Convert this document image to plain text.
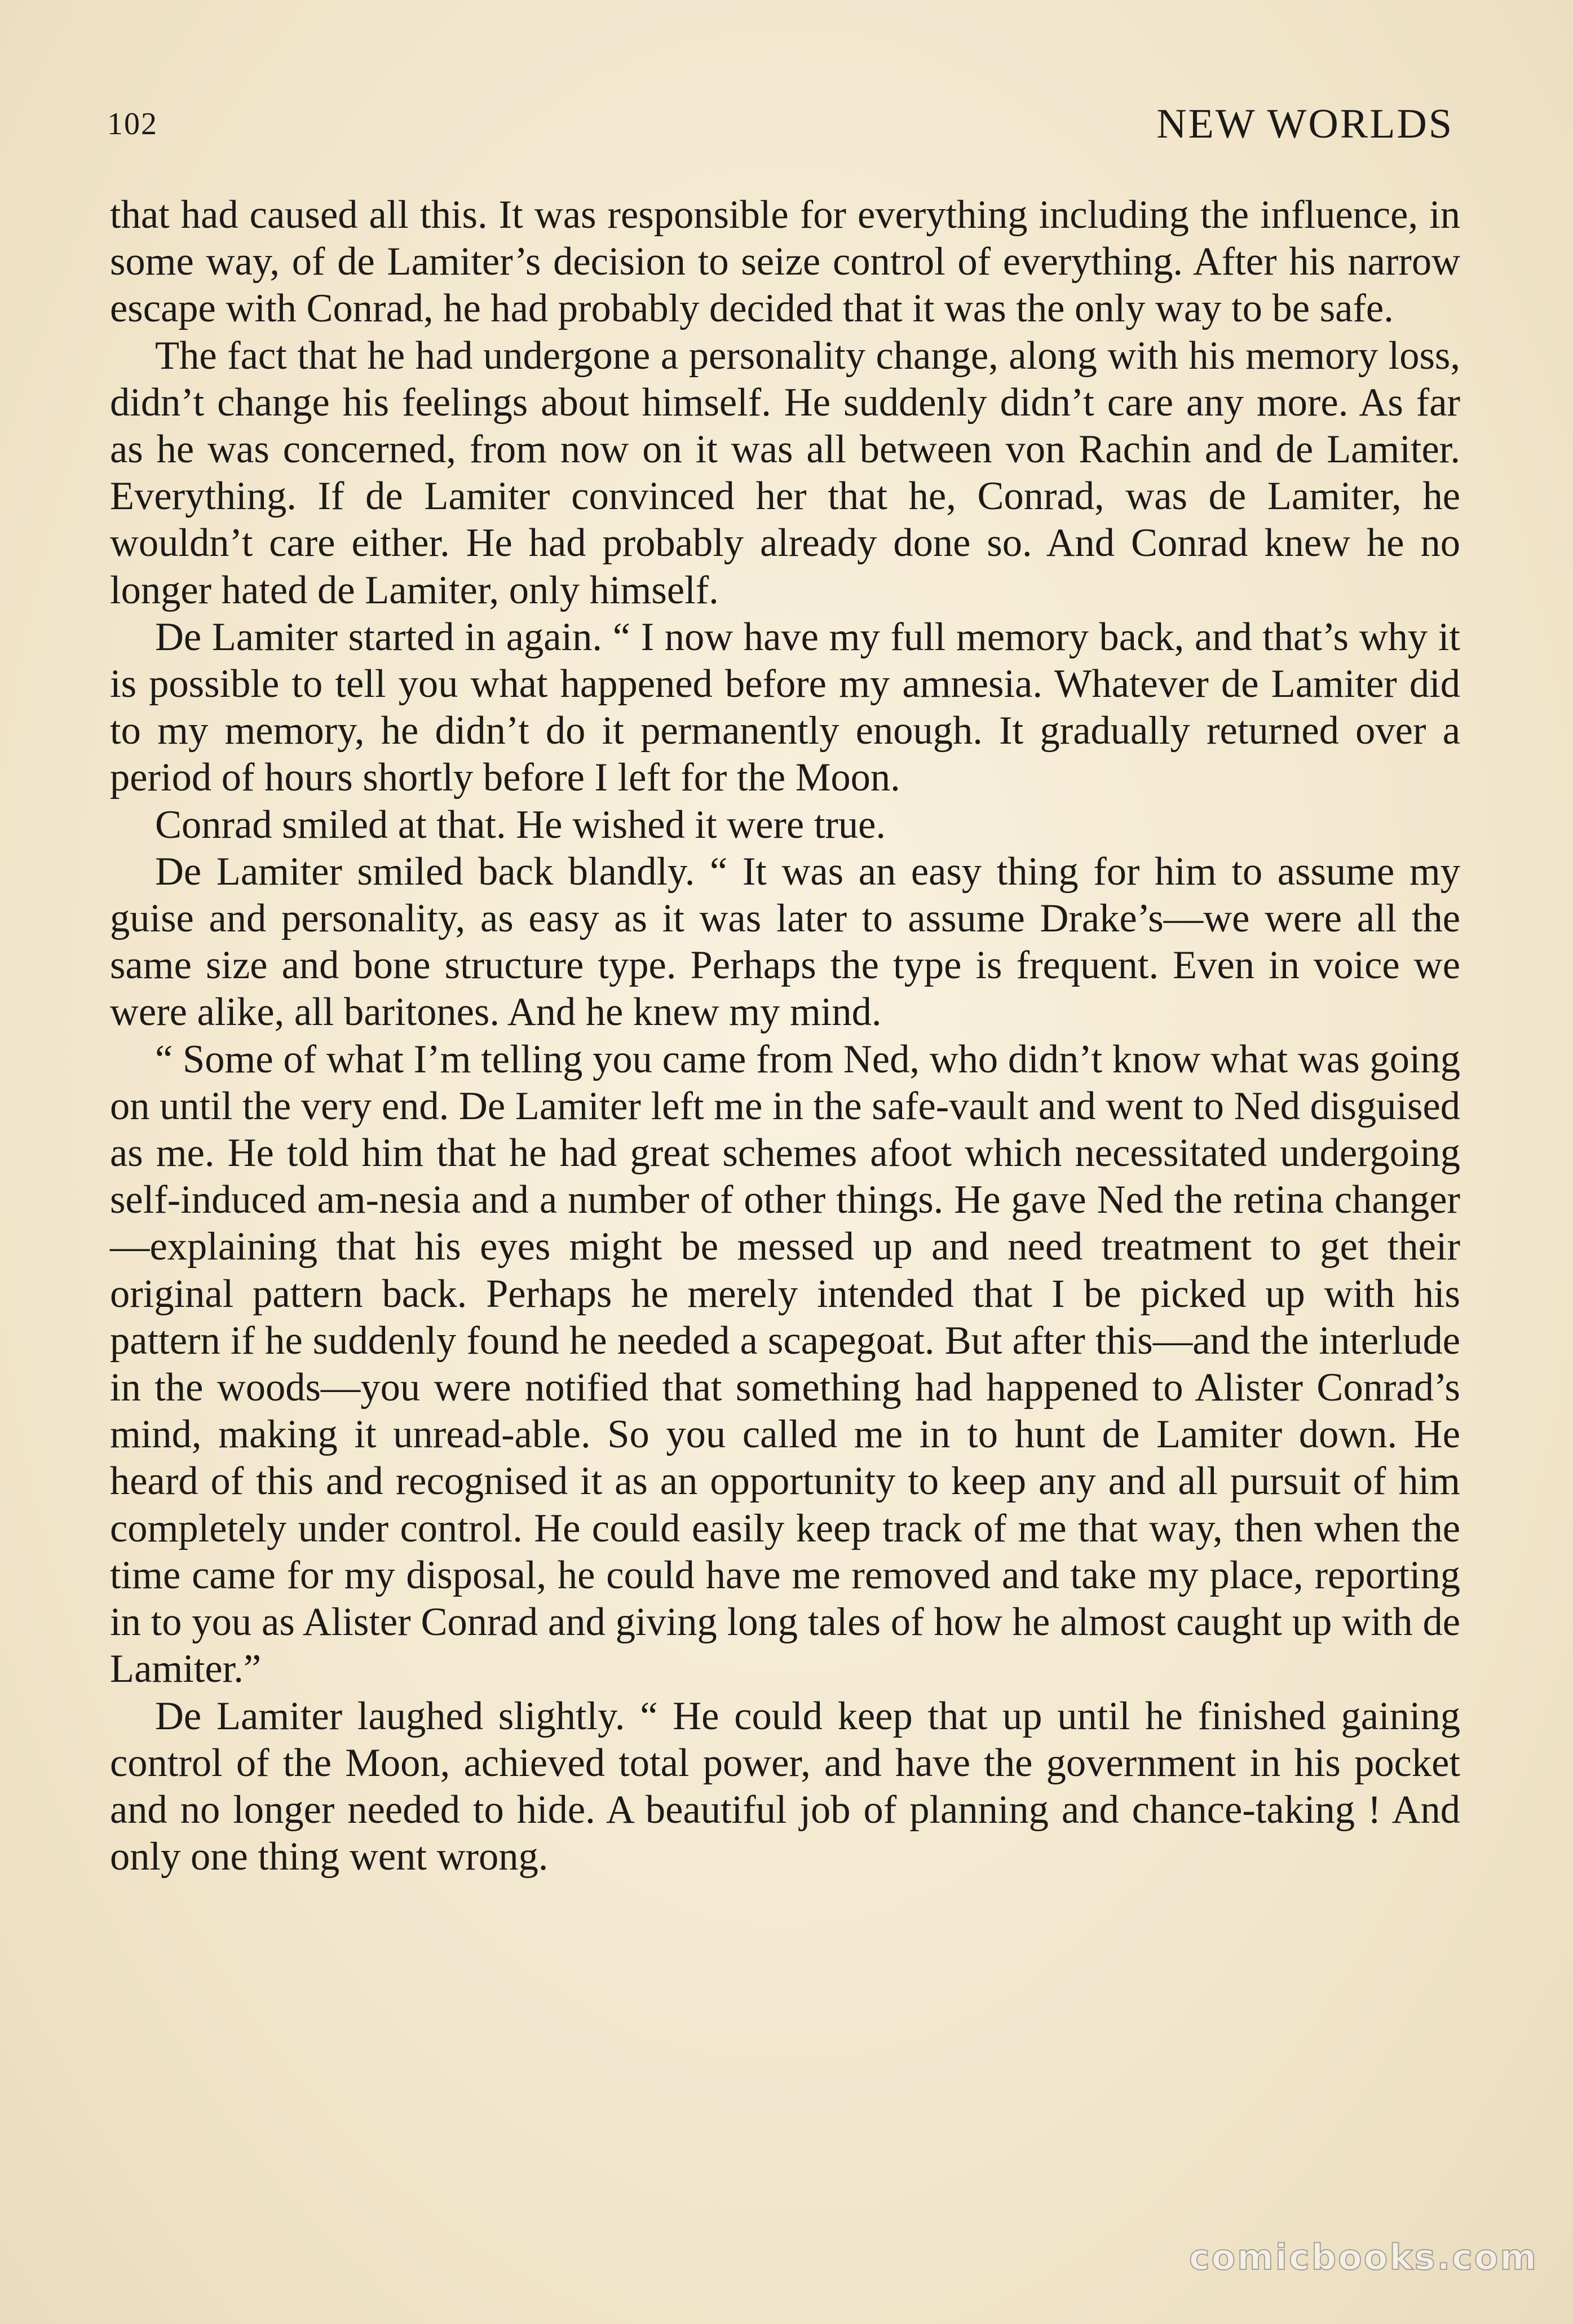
102	NEW WORLDS

that had caused all this. It was responsible for everything including the influence, in some way, of de Lamiter’s decision to seize control of everything. After his narrow escape with Conrad, he had probably decided that it was the only way to be safe.

The fact that he had undergone a personality change, along with his memory loss, didn’t change his feelings about himself. He suddenly didn’t care any more. As far as he was concerned, from now on it was all between von Rachin and de Lamiter. Everything. If de Lamiter convinced her that he, Conrad, was de Lamiter, he wouldn’t care either. He had probably already done so. And Conrad knew he no longer hated de Lamiter, only himself.

De Lamiter started in again. “ I now have my full memory back, and that’s why it is possible to tell you what happened before my amnesia. Whatever de Lamiter did to my memory, he didn’t do it permanently enough. It gradually returned over a period of hours shortly before I left for the Moon.

Conrad smiled at that. He wished it were true.

De Lamiter smiled back blandly. “ It was an easy thing for him to assume my guise and personality, as easy as it was later to assume Drake’s—we were all the same size and bone structure type. Perhaps the type is frequent. Even in voice we were alike, all baritones. And he knew my mind.

“ Some of what I’m telling you came from Ned, who didn’t know what was going on until the very end. De Lamiter left me in the safe-vault and went to Ned disguised as me. He told him that he had great schemes afoot which necessitated undergoing self-induced am-nesia and a number of other things. He gave Ned the retina changer —explaining that his eyes might be messed up and need treatment to get their original pattern back. Perhaps he merely intended that I be picked up with his pattern if he suddenly found he needed a scapegoat. But after this—and the interlude in the woods—you were notified that something had happened to Alister Conrad’s mind, making it unread-able. So you called me in to hunt de Lamiter down. He heard of this and recognised it as an opportunity to keep any and all pursuit of him completely under control. He could easily keep track of me that way, then when the time came for my disposal, he could have me removed and take my place, reporting in to you as Alister Conrad and giving long tales of how he almost caught up with de Lamiter.”

De Lamiter laughed slightly. “ He could keep that up until he finished gaining control of the Moon, achieved total power, and have the government in his pocket and no longer needed to hide. A beautiful job of planning and chance-taking ! And only one thing went wrong.

comicbooks.com
